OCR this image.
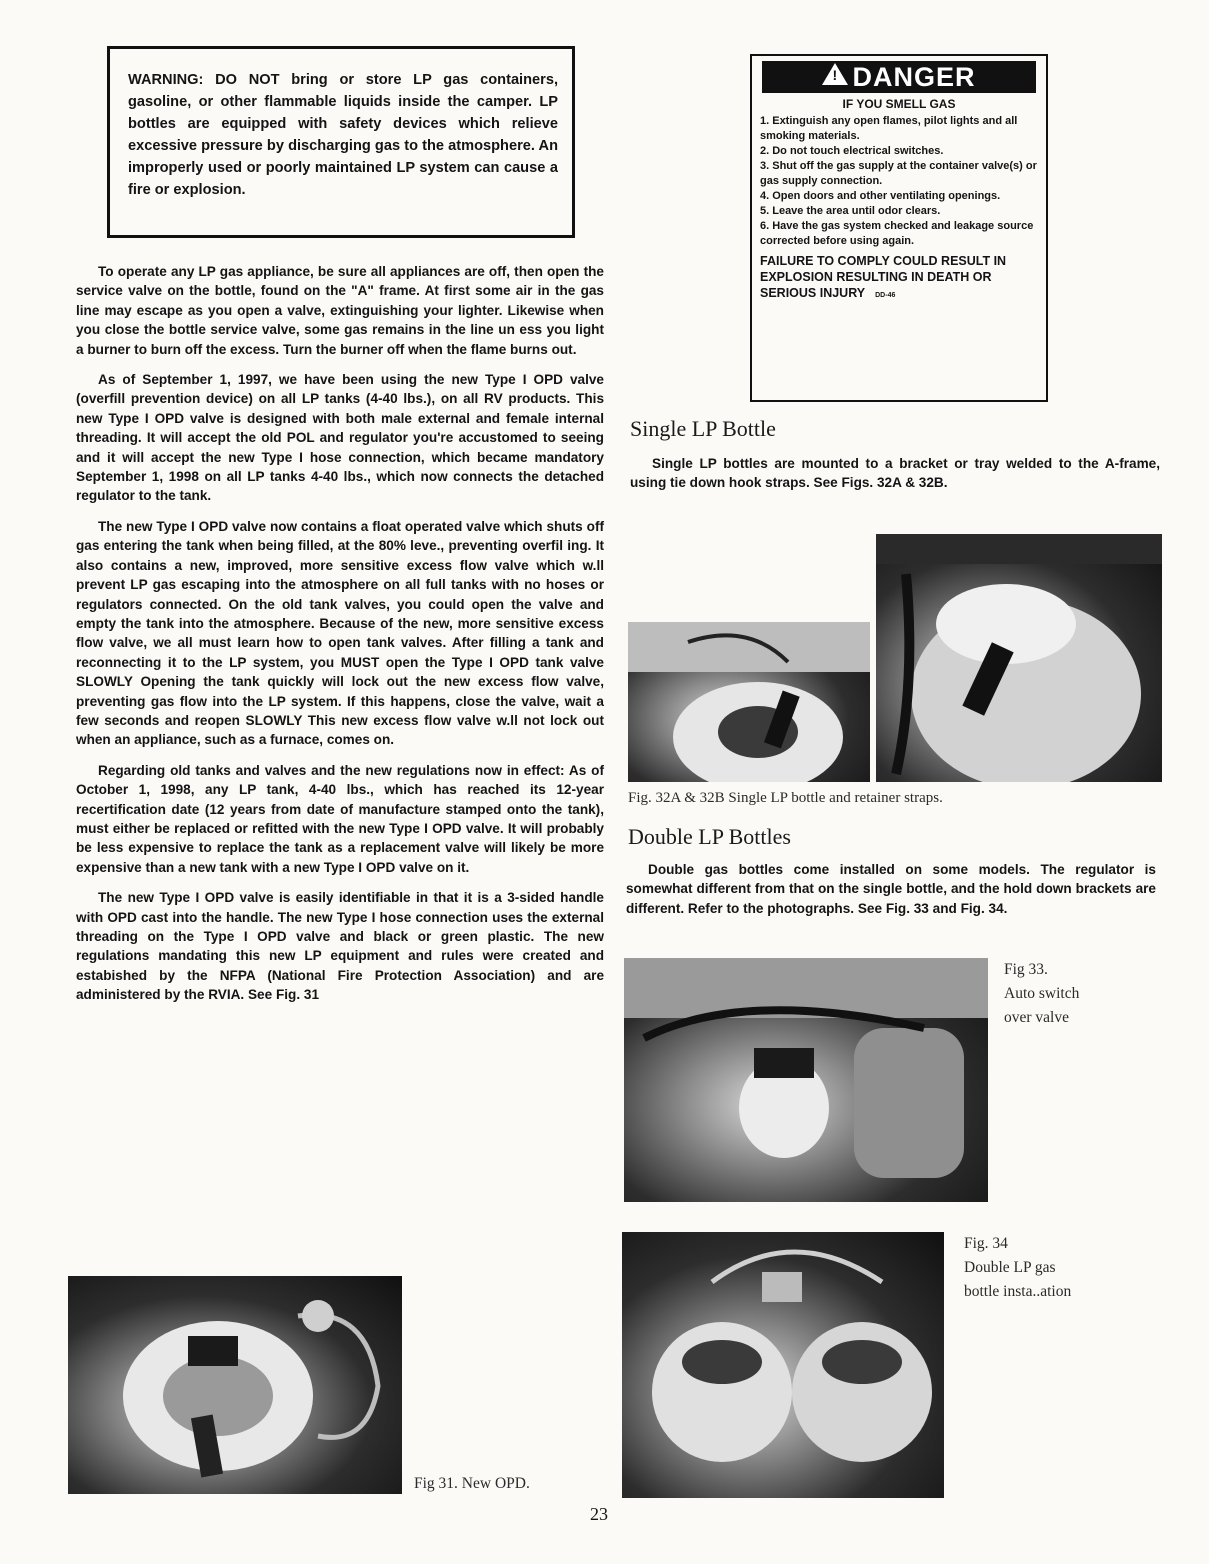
WARNING: DO NOT bring or store LP gas containers, gasoline, or other flammable liquids inside the camper. LP bottles are equipped with safety devices which relieve excessive pressure by discharging gas to the atmosphere. An improperly used or poorly maintained LP system can cause a fire or explosion.

To operate any LP gas appliance, be sure all appliances are off, then open the service valve on the bottle, found on the "A" frame. At first some air in the gas line may escape as you open a valve, extinguishing your lighter. Likewise when you close the bottle service valve, some gas remains in the line un ess you light a burner to burn off the excess. Turn the burner off when the flame burns out.

As of September 1, 1997, we have been using the new Type I OPD valve (overfill prevention device) on all LP tanks (4-40 lbs.), on all RV products. This new Type I OPD valve is designed with both male external and female internal threading. It will accept the old POL and regulator you're accustomed to seeing and it will accept the new Type I hose connection, which became mandatory September 1, 1998 on all LP tanks 4-40 lbs., which now connects the detached regulator to the tank.

The new Type I OPD valve now contains a float operated valve which shuts off gas entering the tank when being filled, at the 80% leve., preventing overfil ing. It also contains a new, improved, more sensitive excess flow valve which w.ll prevent LP gas escaping into the atmosphere on all full tanks with no hoses or regulators connected. On the old tank valves, you could open the valve and empty the tank into the atmosphere. Because of the new, more sensitive excess flow valve, we all must learn how to open tank valves. After filling a tank and reconnecting it to the LP system, you MUST open the Type I OPD tank valve SLOWLY Opening the tank quickly will lock out the new excess flow valve, preventing gas flow into the LP system. If this happens, close the valve, wait a few seconds and reopen SLOWLY This new excess flow valve w.ll not lock out when an appliance, such as a furnace, comes on.

Regarding old tanks and valves and the new regulations now in effect: As of October 1, 1998, any LP tank, 4-40 lbs., which has reached its 12-year recertification date (12 years from date of manufacture stamped onto the tank), must either be replaced or refitted with the new Type I OPD valve. It will probably be less expensive to replace the tank as a replacement valve will likely be more expensive than a new tank with a new Type I OPD valve on it.

The new Type I OPD valve is easily identifiable in that it is a 3-sided handle with OPD cast into the handle. The new Type I hose connection uses the external threading on the Type I OPD valve and black or green plastic. The new regulations mandating this new LP equipment and rules were created and estabished by the NFPA (National Fire Protection Association) and are administered by the RVIA. See Fig. 31

Fig 31. New OPD.
! DANGER
IF YOU SMELL GAS

1. Extinguish any open flames, pilot lights and all smoking materials.

2. Do not touch electrical switches.

3. Shut off the gas supply at the container valve(s) or gas supply connection.

4. Open doors and other ventilating openings.

5. Leave the area until odor clears.

6. Have the gas system checked and leakage source corrected before using again.

FAILURE TO COMPLY COULD RESULT IN EXPLOSION RESULTING IN DEATH OR SERIOUS INJURY DD-46
Single LP Bottle

Single LP bottles are mounted to a bracket or tray welded to the A-frame, using tie down hook straps. See Figs. 32A & 32B.

Fig. 32A & 32B Single LP bottle and retainer straps.
Double LP Bottles

Double gas bottles come installed on some models. The regulator is somewhat different from that on the single bottle, and the hold down brackets are different. Refer to the photographs. See Fig. 33 and Fig. 34.

Fig 33.
Auto switch
over valve
Fig. 34
Double LP gas
bottle insta..ation
23
